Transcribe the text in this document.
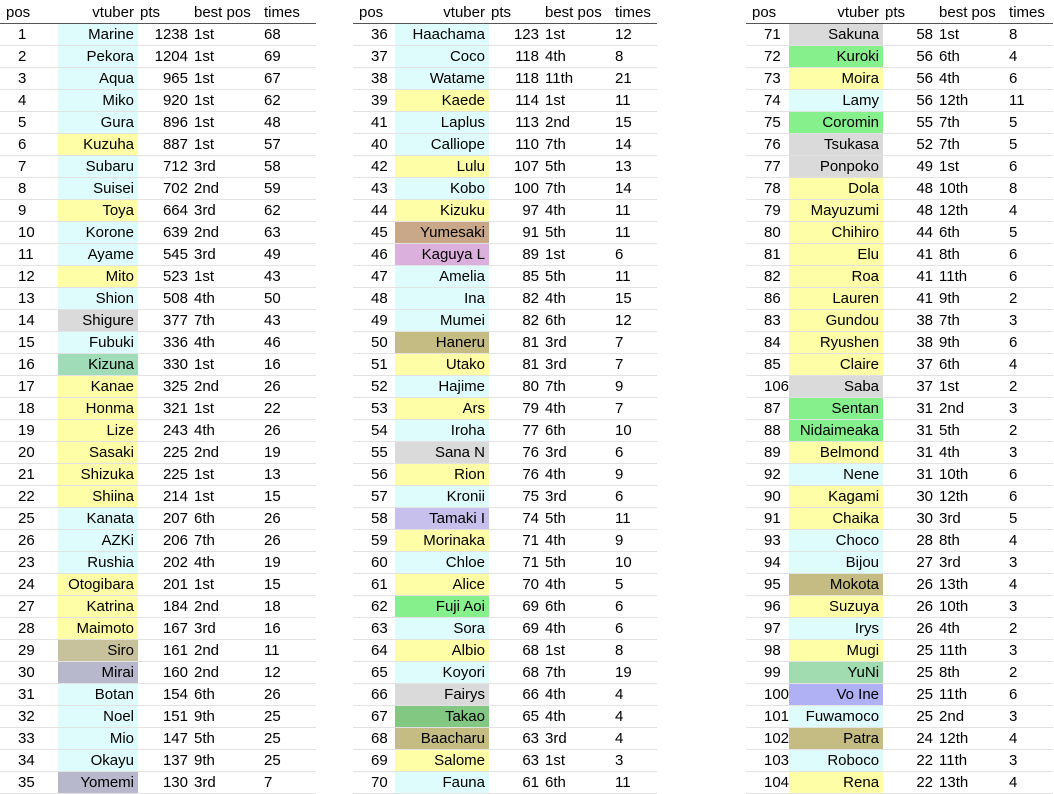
pos	vtuber	pts	best pos	times
1	Marine	1238	1st	68
2	Pekora	1204	1st	69
3	Aqua	965	1st	67
4	Miko	920	1st	62
5	Gura	896	1st	48
6	Kuzuha	887	1st	57
7	Subaru	712	3rd	58
8	Suisei	702	2nd	59
9	Toya	664	3rd	62
10	Korone	639	2nd	63
11	Ayame	545	3rd	49
12	Mito	523	1st	43
13	Shion	508	4th	50
14	Shigure	377	7th	43
15	Fubuki	336	4th	46
16	Kizuna	330	1st	16
17	Kanae	325	2nd	26
18	Honma	321	1st	22
19	Lize	243	4th	26
20	Sasaki	225	2nd	19
21	Shizuka	225	1st	13
22	Shiina	214	1st	15
25	Kanata	207	6th	26
26	AZKi	206	7th	26
23	Rushia	202	4th	19
24	Otogibara	201	1st	15
27	Katrina	184	2nd	18
28	Maimoto	167	3rd	16
29	Siro	161	2nd	11
30	Mirai	160	2nd	12
31	Botan	154	6th	26
32	Noel	151	9th	25
33	Mio	147	5th	25
34	Okayu	137	9th	25
35	Yomemi	130	3rd	7
pos	vtuber	pts	best pos	times
36	Haachama	123	1st	12
37	Coco	118	4th	8
38	Watame	118	11th	21
39	Kaede	114	1st	11
41	Laplus	113	2nd	15
40	Calliope	110	7th	14
42	Lulu	107	5th	13
43	Kobo	100	7th	14
44	Kizuku	97	4th	11
45	Yumesaki	91	5th	11
46	Kaguya L	89	1st	6
47	Amelia	85	5th	11
48	Ina	82	4th	15
49	Mumei	82	6th	12
50	Haneru	81	3rd	7
51	Utako	81	3rd	7
52	Hajime	80	7th	9
53	Ars	79	4th	7
54	Iroha	77	6th	10
55	Sana N	76	3rd	6
56	Rion	76	4th	9
57	Kronii	75	3rd	6
58	Tamaki I	74	5th	11
59	Morinaka	71	4th	9
60	Chloe	71	5th	10
61	Alice	70	4th	5
62	Fuji Aoi	69	6th	6
63	Sora	69	4th	6
64	Albio	68	1st	8
65	Koyori	68	7th	19
66	Fairys	66	4th	4
67	Takao	65	4th	4
68	Baacharu	63	3rd	4
69	Salome	63	1st	3
70	Fauna	61	6th	11
pos	vtuber	pts	best pos	times
71	Sakuna	58	1st	8
72	Kuroki	56	6th	4
73	Moira	56	4th	6
74	Lamy	56	12th	11
75	Coromin	55	7th	5
76	Tsukasa	52	7th	5
77	Ponpoko	49	1st	6
78	Dola	48	10th	8
79	Mayuzumi	48	12th	4
80	Chihiro	44	6th	5
81	Elu	41	8th	6
82	Roa	41	11th	6
86	Lauren	41	9th	2
83	Gundou	38	7th	3
84	Ryushen	38	9th	6
85	Claire	37	6th	4
106	Saba	37	1st	2
87	Sentan	31	2nd	3
88	Nidaimeaka	31	5th	2
89	Belmond	31	4th	3
92	Nene	31	10th	6
90	Kagami	30	12th	6
91	Chaika	30	3rd	5
93	Choco	28	8th	4
94	Bijou	27	3rd	3
95	Mokota	26	13th	4
96	Suzuya	26	10th	3
97	Irys	26	4th	2
98	Mugi	25	11th	3
99	YuNi	25	8th	2
100	Vo Ine	25	11th	6
101	Fuwamoco	25	2nd	3
102	Patra	24	12th	4
103	Roboco	22	11th	3
104	Rena	22	13th	4
